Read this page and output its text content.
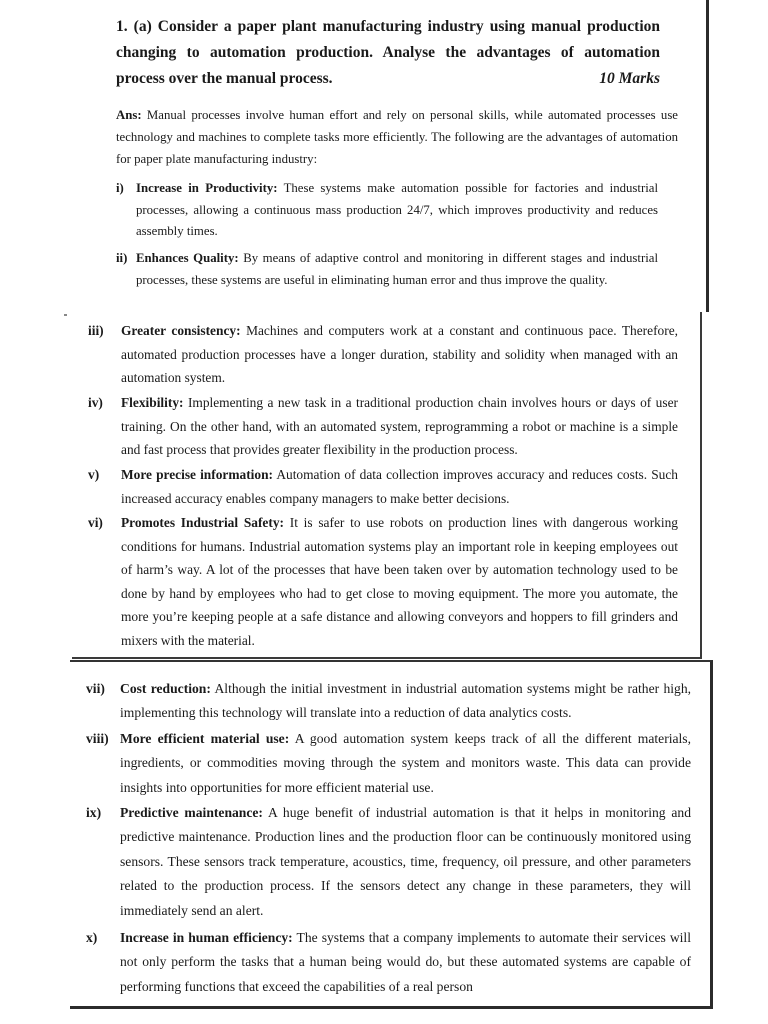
1. (a) Consider a paper plant manufacturing industry using manual production changing to automation production. Analyse the advantages of automation process over the manual process.	10 Marks
Ans: Manual processes involve human effort and rely on personal skills, while automated processes use technology and machines to complete tasks more efficiently. The following are the advantages of automation for paper plate manufacturing industry:
i) Increase in Productivity: These systems make automation possible for factories and industrial processes, allowing a continuous mass production 24/7, which improves productivity and reduces assembly times.
ii) Enhances Quality: By means of adaptive control and monitoring in different stages and industrial processes, these systems are useful in eliminating human error and thus improve the quality.
iii)	Greater consistency: Machines and computers work at a constant and continuous pace. Therefore, automated production processes have a longer duration, stability and solidity when managed with an automation system.
iv)	Flexibility: Implementing a new task in a traditional production chain involves hours or days of user training. On the other hand, with an automated system, reprogramming a robot or machine is a simple and fast process that provides greater flexibility in the production process.
v)	More precise information: Automation of data collection improves accuracy and reduces costs. Such increased accuracy enables company managers to make better decisions.
vi)	Promotes Industrial Safety: It is safer to use robots on production lines with dangerous working conditions for humans. Industrial automation systems play an important role in keeping employees out of harm’s way. A lot of the processes that have been taken over by automation technology used to be done by hand by employees who had to get close to moving equipment. The more you automate, the more you’re keeping people at a safe distance and allowing conveyors and hoppers to fill grinders and mixers with the material.
vii)	Cost reduction: Although the initial investment in industrial automation systems might be rather high, implementing this technology will translate into a reduction of data analytics costs.
viii) More efficient material use: A good automation system keeps track of all the different materials, ingredients, or commodities moving through the system and monitors waste. This data can provide insights into opportunities for more efficient material use.
ix)	Predictive maintenance: A huge benefit of industrial automation is that it helps in monitoring and predictive maintenance. Production lines and the production floor can be continuously monitored using sensors. These sensors track temperature, acoustics, time, frequency, oil pressure, and other parameters related to the production process. If the sensors detect any change in these parameters, they will immediately send an alert.
x)	Increase in human efficiency: The systems that a company implements to automate their services will not only perform the tasks that a human being would do, but these automated systems are capable of performing functions that exceed the capabilities of a real person
